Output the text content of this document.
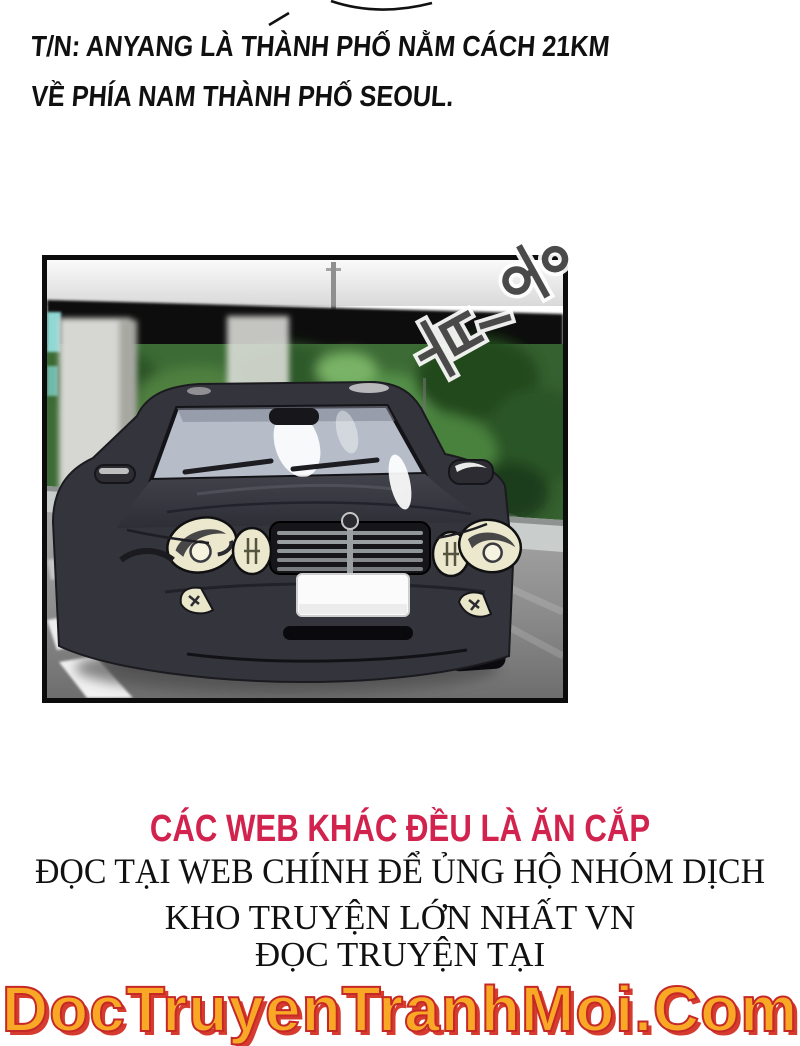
T/N: ANYANG LÀ THÀNH PHỐ NẰM CÁCH 21KM
VỀ PHÍA NAM THÀNH PHỐ SEOUL.
CÁC WEB KHÁC ĐỀU LÀ ĂN CẮP
ĐỌC TẠI WEB CHÍNH ĐỂ ỦNG HỘ NHÓM DỊCH
KHO TRUYỆN LỚN NHẤT VN
ĐỌC TRUYỆN TẠI
DocTruyenTranhMoi.Com
